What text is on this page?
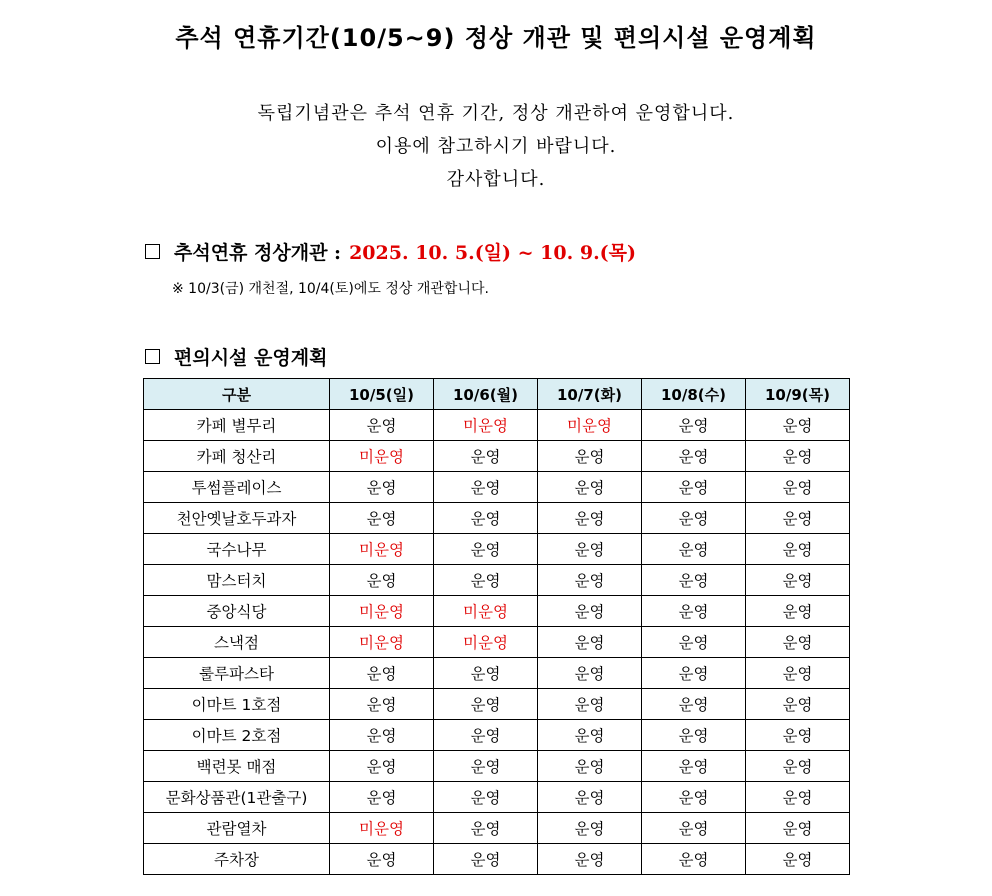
추석 연휴기간(10/5~9) 정상 개관 및 편의시설 운영계획
독립기념관은 추석 연휴 기간, 정상 개관하여 운영합니다.
이용에 참고하시기 바랍니다.
감사합니다.
추석연휴 정상개관 : 2025. 10. 5.(일) ~ 10. 9.(목)
※ 10/3(금) 개천절, 10/4(토)에도 정상 개관합니다.
편의시설 운영계획
구분	10/5(일)	10/6(월)	10/7(화)	10/8(수)	10/9(목)
카페 별무리	운영	미운영	미운영	운영	운영
카페 청산리	미운영	운영	운영	운영	운영
투썸플레이스	운영	운영	운영	운영	운영
천안옛날호두과자	운영	운영	운영	운영	운영
국수나무	미운영	운영	운영	운영	운영
맘스터치	운영	운영	운영	운영	운영
중앙식당	미운영	미운영	운영	운영	운영
스낵점	미운영	미운영	운영	운영	운영
룰루파스타	운영	운영	운영	운영	운영
이마트 1호점	운영	운영	운영	운영	운영
이마트 2호점	운영	운영	운영	운영	운영
백련못 매점	운영	운영	운영	운영	운영
문화상품관(1관출구)	운영	운영	운영	운영	운영
관람열차	미운영	운영	운영	운영	운영
주차장	운영	운영	운영	운영	운영
